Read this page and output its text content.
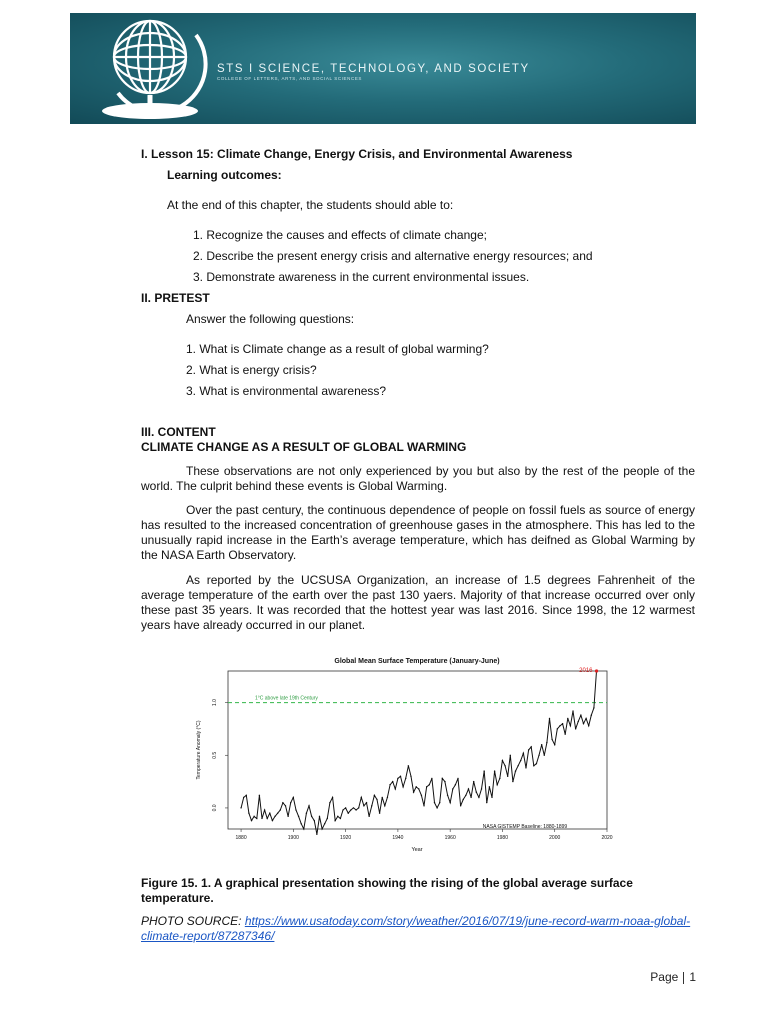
STS I SCIENCE, TECHNOLOGY, AND SOCIETY
COLLEGE OF LETTERS, ARTS, AND SOCIAL SCIENCES
I. Lesson 15: Climate Change, Energy Crisis, and Environmental Awareness
Learning outcomes:
At the end of this chapter, the students should able to:
1. Recognize the causes and effects of climate change;
2. Describe the present energy crisis and alternative energy resources; and
3. Demonstrate awareness in the current environmental issues.
II. PRETEST
Answer the following questions:
1. What is Climate change as a result of global warming?
2. What is energy crisis?
3. What is environmental awareness?
III. CONTENT
CLIMATE CHANGE AS A RESULT OF GLOBAL WARMING

These observations are not only experienced by you but also by the rest of the people of the world. The culprit behind these events is Global Warming.

Over the past century, the continuous dependence of people on fossil fuels as source of energy has resulted to the increased concentration of greenhouse gases in the atmosphere. This has led to the unusually rapid increase in the Earth’s average temperature, which has deifned as Global Warming by the NASA Earth Observatory.

As reported by the UCSUSA Organization, an increase of 1.5 degrees Fahrenheit of the average temperature of the earth over the past 130 yaers. Majority of that increase occurred over only these past 35 years. It was recorded that the hottest year was last 2016. Since 1998, the 12 warmest years have already occurred in our planet.

Global Mean Surface Temperature (January-June)
1°C above late 19th Century
1880	1900	1920	1940	1960	1980	2000	2020
0.0
0.5
1.0
2016
NASA GISTEMP Baseline: 1880-1899
Year
Temperature Anomaly (°C)
Figure 15. 1. A graphical presentation showing the rising of the global average surface temperature.
PHOTO SOURCE: https://www.usatoday.com/story/weather/2016/07/19/june-record-warm-noaa-global-climate-report/87287346/
Page 1
